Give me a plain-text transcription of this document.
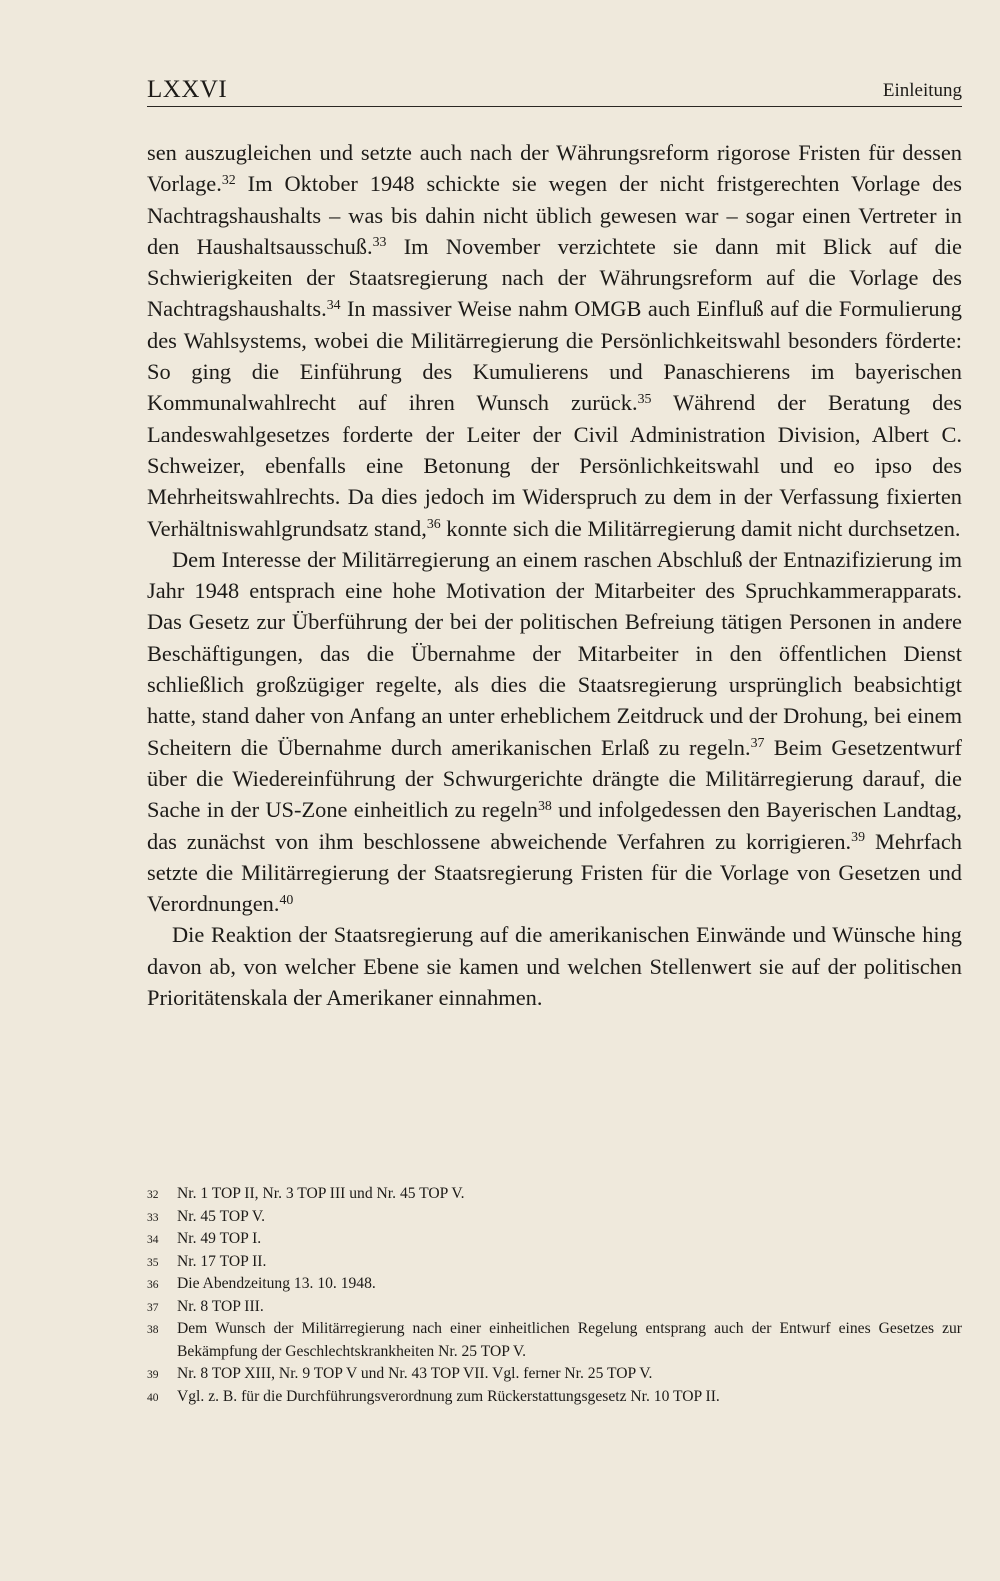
LXXVI	Einleitung

sen auszugleichen und setzte auch nach der Währungsreform rigorose Fristen für dessen Vorlage.$^{32}$ Im Oktober 1948 schickte sie wegen der nicht fristgerechten Vorlage des Nachtragshaushalts – was bis dahin nicht üblich gewesen war – sogar einen Vertreter in den Haushaltsausschuß.$^{33}$ Im November verzichtete sie dann mit Blick auf die Schwierigkeiten der Staatsregierung nach der Währungsreform auf die Vorlage des Nachtragshaushalts.$^{34}$ In massiver Weise nahm OMGB auch Einfluß auf die Formulierung des Wahlsystems, wobei die Militärregierung die Persönlichkeitswahl besonders förderte: So ging die Einführung des Kumulierens und Panaschierens im bayerischen Kommunalwahlrecht auf ihren Wunsch zurück.$^{35}$ Während der Beratung des Landeswahlgesetzes forderte der Leiter der Civil Administration Division, Albert C. Schweizer, ebenfalls eine Betonung der Persönlichkeitswahl und eo ipso des Mehrheitswahlrechts. Da dies jedoch im Widerspruch zu dem in der Verfassung fixierten Verhältniswahlgrundsatz stand,$^{36}$ konnte sich die Militärregierung damit nicht durchsetzen.

Dem Interesse der Militärregierung an einem raschen Abschluß der Entnazifizierung im Jahr 1948 entsprach eine hohe Motivation der Mitarbeiter des Spruchkammerapparats. Das Gesetz zur Überführung der bei der politischen Befreiung tätigen Personen in andere Beschäftigungen, das die Übernahme der Mitarbeiter in den öffentlichen Dienst schließlich großzügiger regelte, als dies die Staatsregierung ursprünglich beabsichtigt hatte, stand daher von Anfang an unter erheblichem Zeitdruck und der Drohung, bei einem Scheitern die Übernahme durch amerikanischen Erlaß zu regeln.$^{37}$ Beim Gesetzentwurf über die Wiedereinführung der Schwurgerichte drängte die Militärregierung darauf, die Sache in der US-Zone einheitlich zu regeln$^{38}$ und infolgedessen den Bayerischen Landtag, das zunächst von ihm beschlossene abweichende Verfahren zu korrigieren.$^{39}$ Mehrfach setzte die Militärregierung der Staatsregierung Fristen für die Vorlage von Gesetzen und Verordnungen.$^{40}$

Die Reaktion der Staatsregierung auf die amerikanischen Einwände und Wünsche hing davon ab, von welcher Ebene sie kamen und welchen Stellenwert sie auf der politischen Prioritätenskala der Amerikaner einnahmen.

32 Nr. 1 TOP II, Nr. 3 TOP III und Nr. 45 TOP V.
33 Nr. 45 TOP V.
34 Nr. 49 TOP I.
35 Nr. 17 TOP II.
36 Die Abendzeitung 13. 10. 1948.
37 Nr. 8 TOP III.
38 Dem Wunsch der Militärregierung nach einer einheitlichen Regelung entsprang auch der Entwurf eines Gesetzes zur Bekämpfung der Geschlechtskrankheiten Nr. 25 TOP V.
39 Nr. 8 TOP XIII, Nr. 9 TOP V und Nr. 43 TOP VII. Vgl. ferner Nr. 25 TOP V.
40 Vgl. z. B. für die Durchführungsverordnung zum Rückerstattungsgesetz Nr. 10 TOP II.
